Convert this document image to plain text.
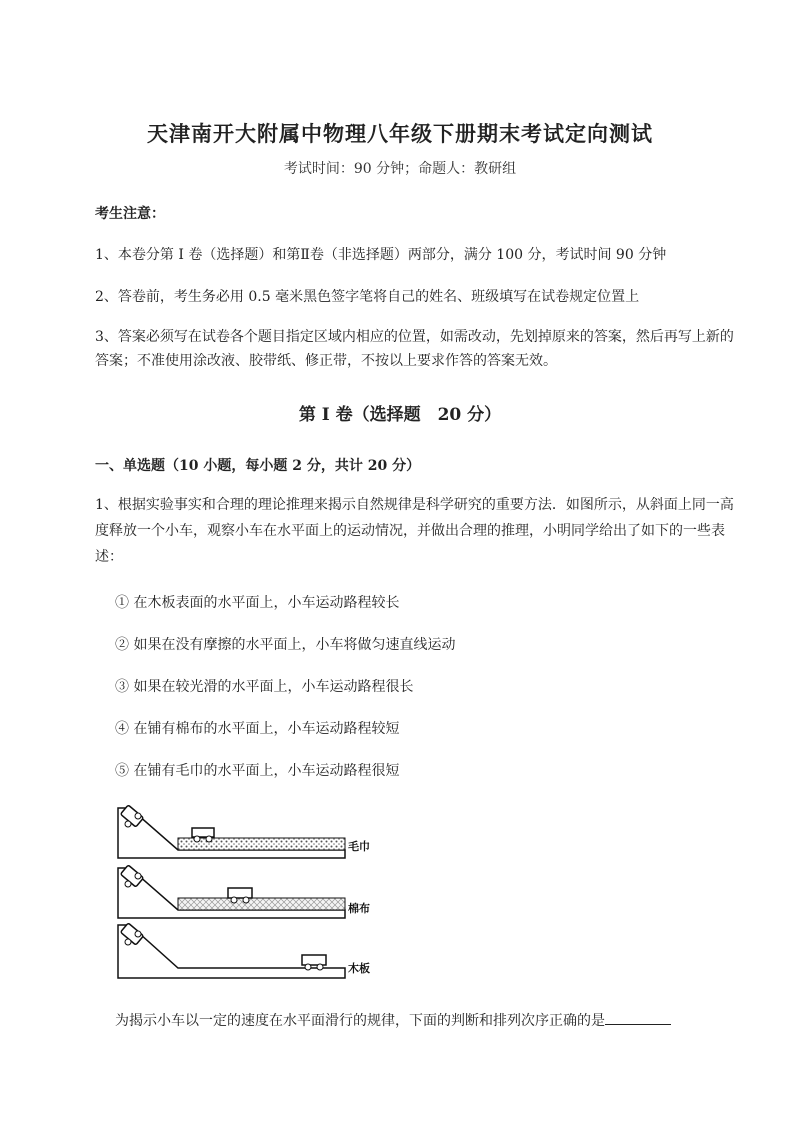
天津南开大附属中物理八年级下册期末考试定向测试
考试时间：90 分钟；命题人：教研组
考生注意：
1、本卷分第 I 卷（选择题）和第Ⅱ卷（非选择题）两部分，满分 100 分，考试时间 90 分钟
2、答卷前，考生务必用 0.5 毫米黑色签字笔将自己的姓名、班级填写在试卷规定位置上
3、答案必须写在试卷各个题目指定区域内相应的位置，如需改动，先划掉原来的答案，然后再写上新的答案；不准使用涂改液、胶带纸、修正带，不按以上要求作答的答案无效。
第 I 卷（选择题　20 分）
一、单选题（10 小题，每小题 2 分，共计 20 分）
1、根据实验事实和合理的理论推理来揭示自然规律是科学研究的重要方法．如图所示，从斜面上同一高度释放一个小车，观察小车在水平面上的运动情况，并做出合理的推理，小明同学给出了如下的一些表述：
① 在木板表面的水平面上，小车运动路程较长
② 如果在没有摩擦的水平面上，小车将做匀速直线运动
③ 如果在较光滑的水平面上，小车运动路程很长
④ 在铺有棉布的水平面上，小车运动路程较短
⑤ 在铺有毛巾的水平面上，小车运动路程很短
毛巾
棉布
木板
为揭示小车以一定的速度在水平面滑行的规律，下面的判断和排列次序正确的是
